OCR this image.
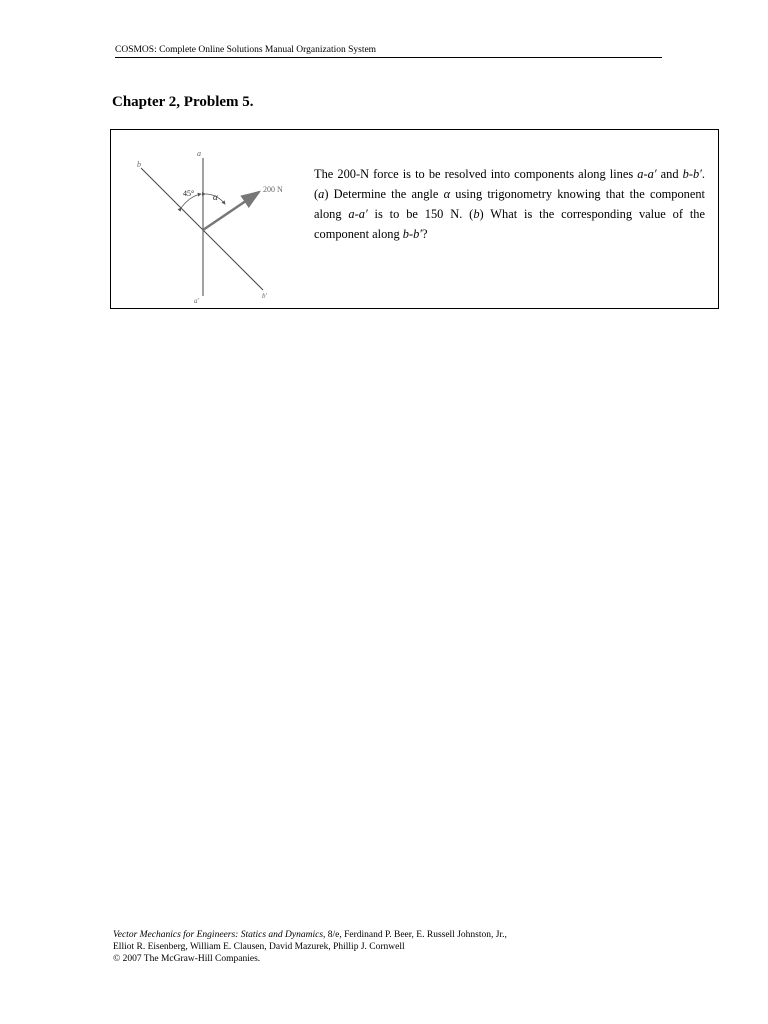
COSMOS: Complete Online Solutions Manual Organization System
Chapter 2, Problem 5.
a
b
a'
b'
45° α
200 N
The 200-N force is to be resolved into components along lines a-a′ and b-b′. (a) Determine the angle α using trigonometry knowing that the component along a-a′ is to be 150 N. (b) What is the corresponding value of the component along b-b′?
Vector Mechanics for Engineers: Statics and Dynamics, 8/e, Ferdinand P. Beer, E. Russell Johnston, Jr.,
Elliot R. Eisenberg, William E. Clausen, David Mazurek, Phillip J. Cornwell
© 2007 The McGraw-Hill Companies.
